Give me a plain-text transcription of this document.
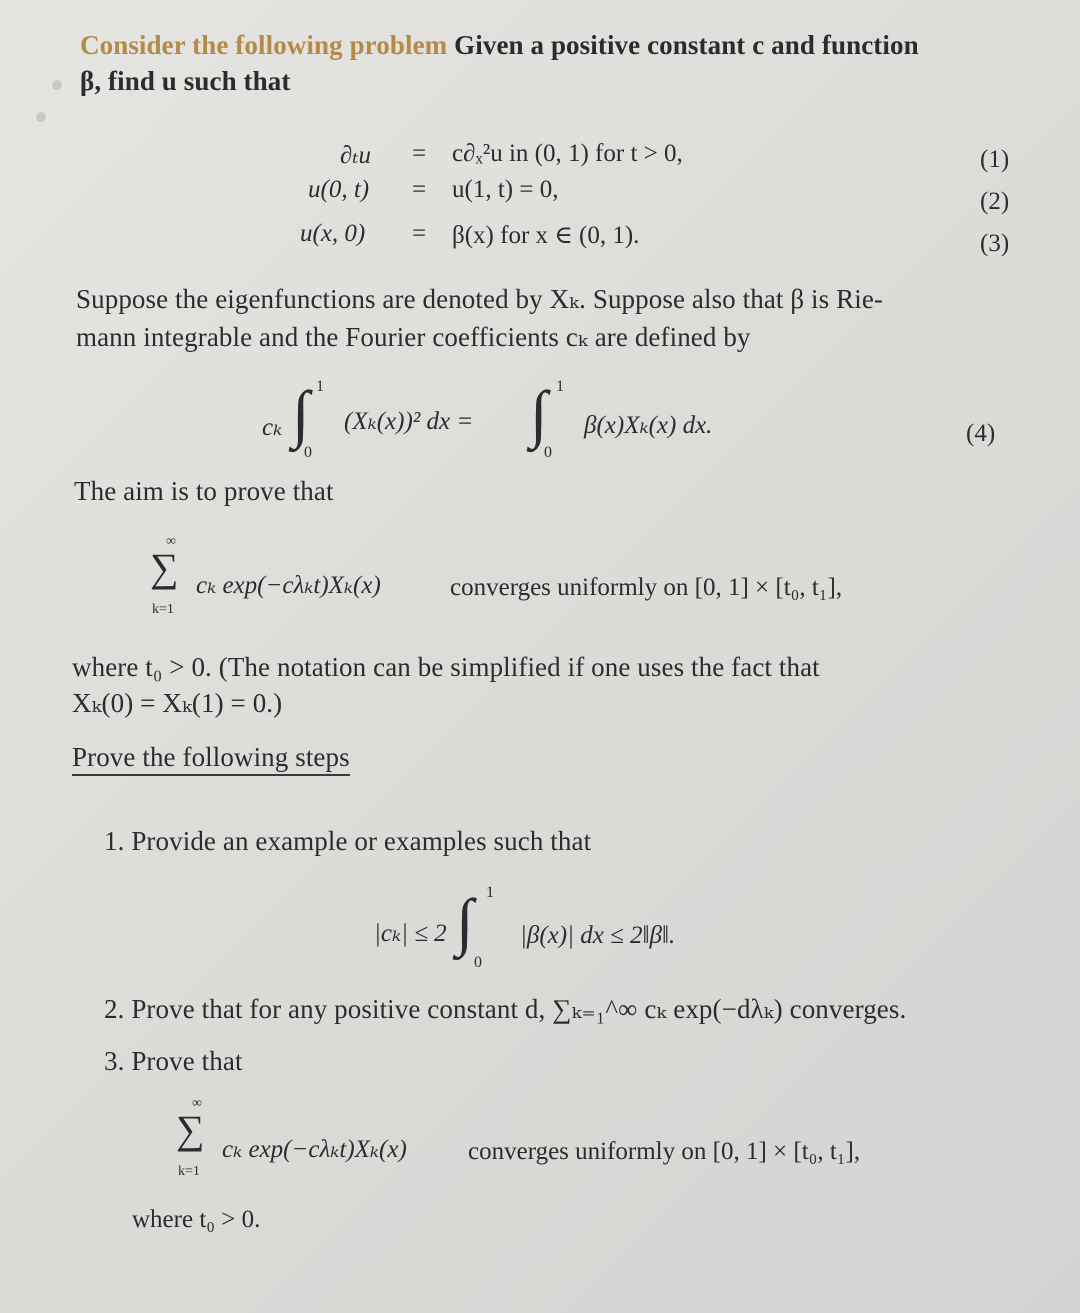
Consider the following problem Given a positive constant c and function
β, find u such that
∂ₜu = c∂ₓ²u in (0, 1) for t > 0,	(1)
u(0, t) = u(1, t) = 0,	(2)
u(x, 0) = β(x) for x ∈ (0, 1).	(3)
Suppose the eigenfunctions are denoted by Xₖ. Suppose also that β is Rie-
mann integrable and the Fourier coefficients cₖ are defined by
cₖ ∫ 1
0
(Xₖ(x))² dx = ∫ 1
0
β(x)Xₖ(x) dx.	(4)
The aim is to prove that
∞
∑
k=1
cₖ exp(−cλₖt)Xₖ(x)	converges uniformly on [0, 1] × [t₀, t₁],
where t₀ > 0. (The notation can be simplified if one uses the fact that
Xₖ(0) = Xₖ(1) = 0.)
Prove the following steps
1. Provide an example or examples such that
|cₖ| ≤ 2 ∫ 1
0
|β(x)| dx ≤ 2‖β‖.
2. Prove that for any positive constant d, ∑ₖ₌₁^∞ cₖ exp(−dλₖ) converges.
3. Prove that
∞
∑
k=1
cₖ exp(−cλₖt)Xₖ(x) converges uniformly on [0, 1] × [t₀, t₁],
where t₀ > 0.
